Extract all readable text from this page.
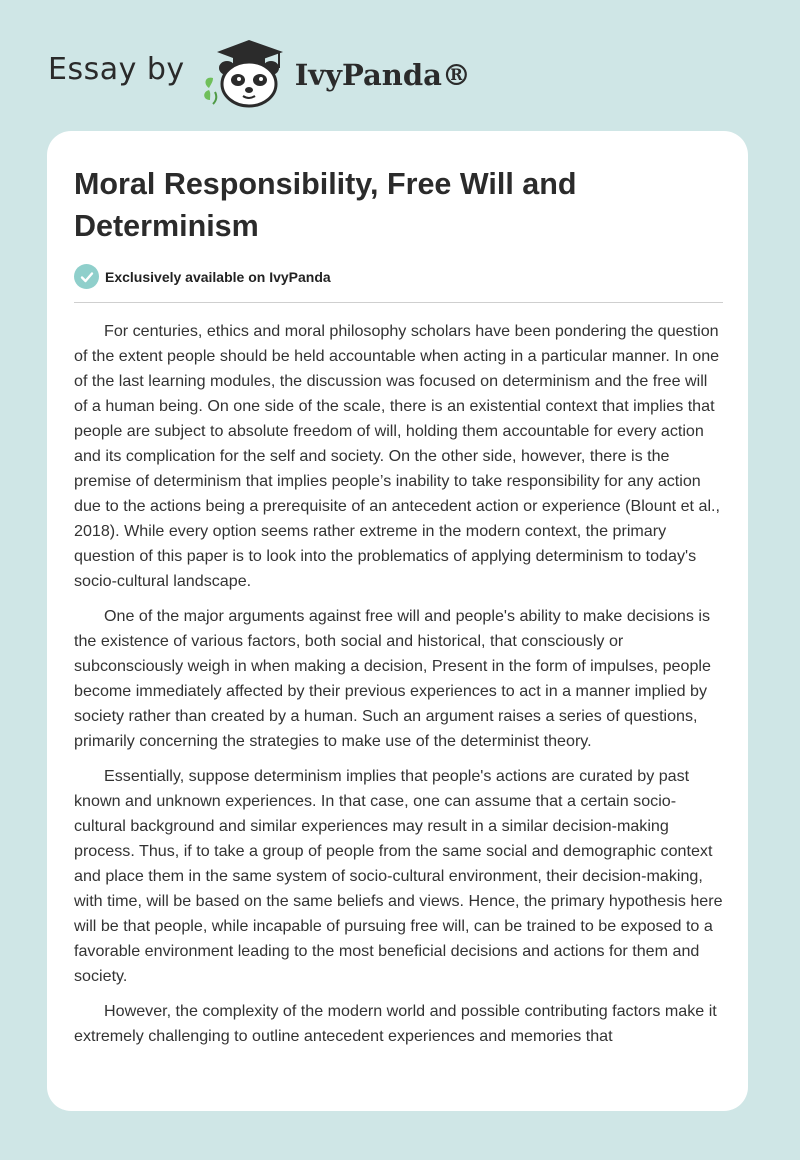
Essay by	IvyPanda®
Moral Responsibility, Free Will and Determinism
Exclusively available on IvyPanda

For centuries, ethics and moral philosophy scholars have been pondering the question of the extent people should be held accountable when acting in a particular manner. In one of the last learning modules, the discussion was focused on determinism and the free will of a human being. On one side of the scale, there is an existential context that implies that people are subject to absolute freedom of will, holding them accountable for every action and its complication for the self and society. On the other side, however, there is the premise of determinism that implies people’s inability to take responsibility for any action due to the actions being a prerequisite of an antecedent action or experience (Blount et al., 2018). While every option seems rather extreme in the modern context, the primary question of this paper is to look into the problematics of applying determinism to today's socio-cultural landscape.

One of the major arguments against free will and people's ability to make decisions is the existence of various factors, both social and historical, that consciously or subconsciously weigh in when making a decision, Present in the form of impulses, people become immediately affected by their previous experiences to act in a manner implied by society rather than created by a human. Such an argument raises a series of questions, primarily concerning the strategies to make use of the determinist theory.

Essentially, suppose determinism implies that people's actions are curated by past known and unknown experiences. In that case, one can assume that a certain socio-cultural background and similar experiences may result in a similar decision-making process. Thus, if to take a group of people from the same social and demographic context and place them in the same system of socio-cultural environment, their decision-making, with time, will be based on the same beliefs and views. Hence, the primary hypothesis here will be that people, while incapable of pursuing free will, can be trained to be exposed to a favorable environment leading to the most beneficial decisions and actions for them and society.

However, the complexity of the modern world and possible contributing factors make it extremely challenging to outline antecedent experiences and memories that
